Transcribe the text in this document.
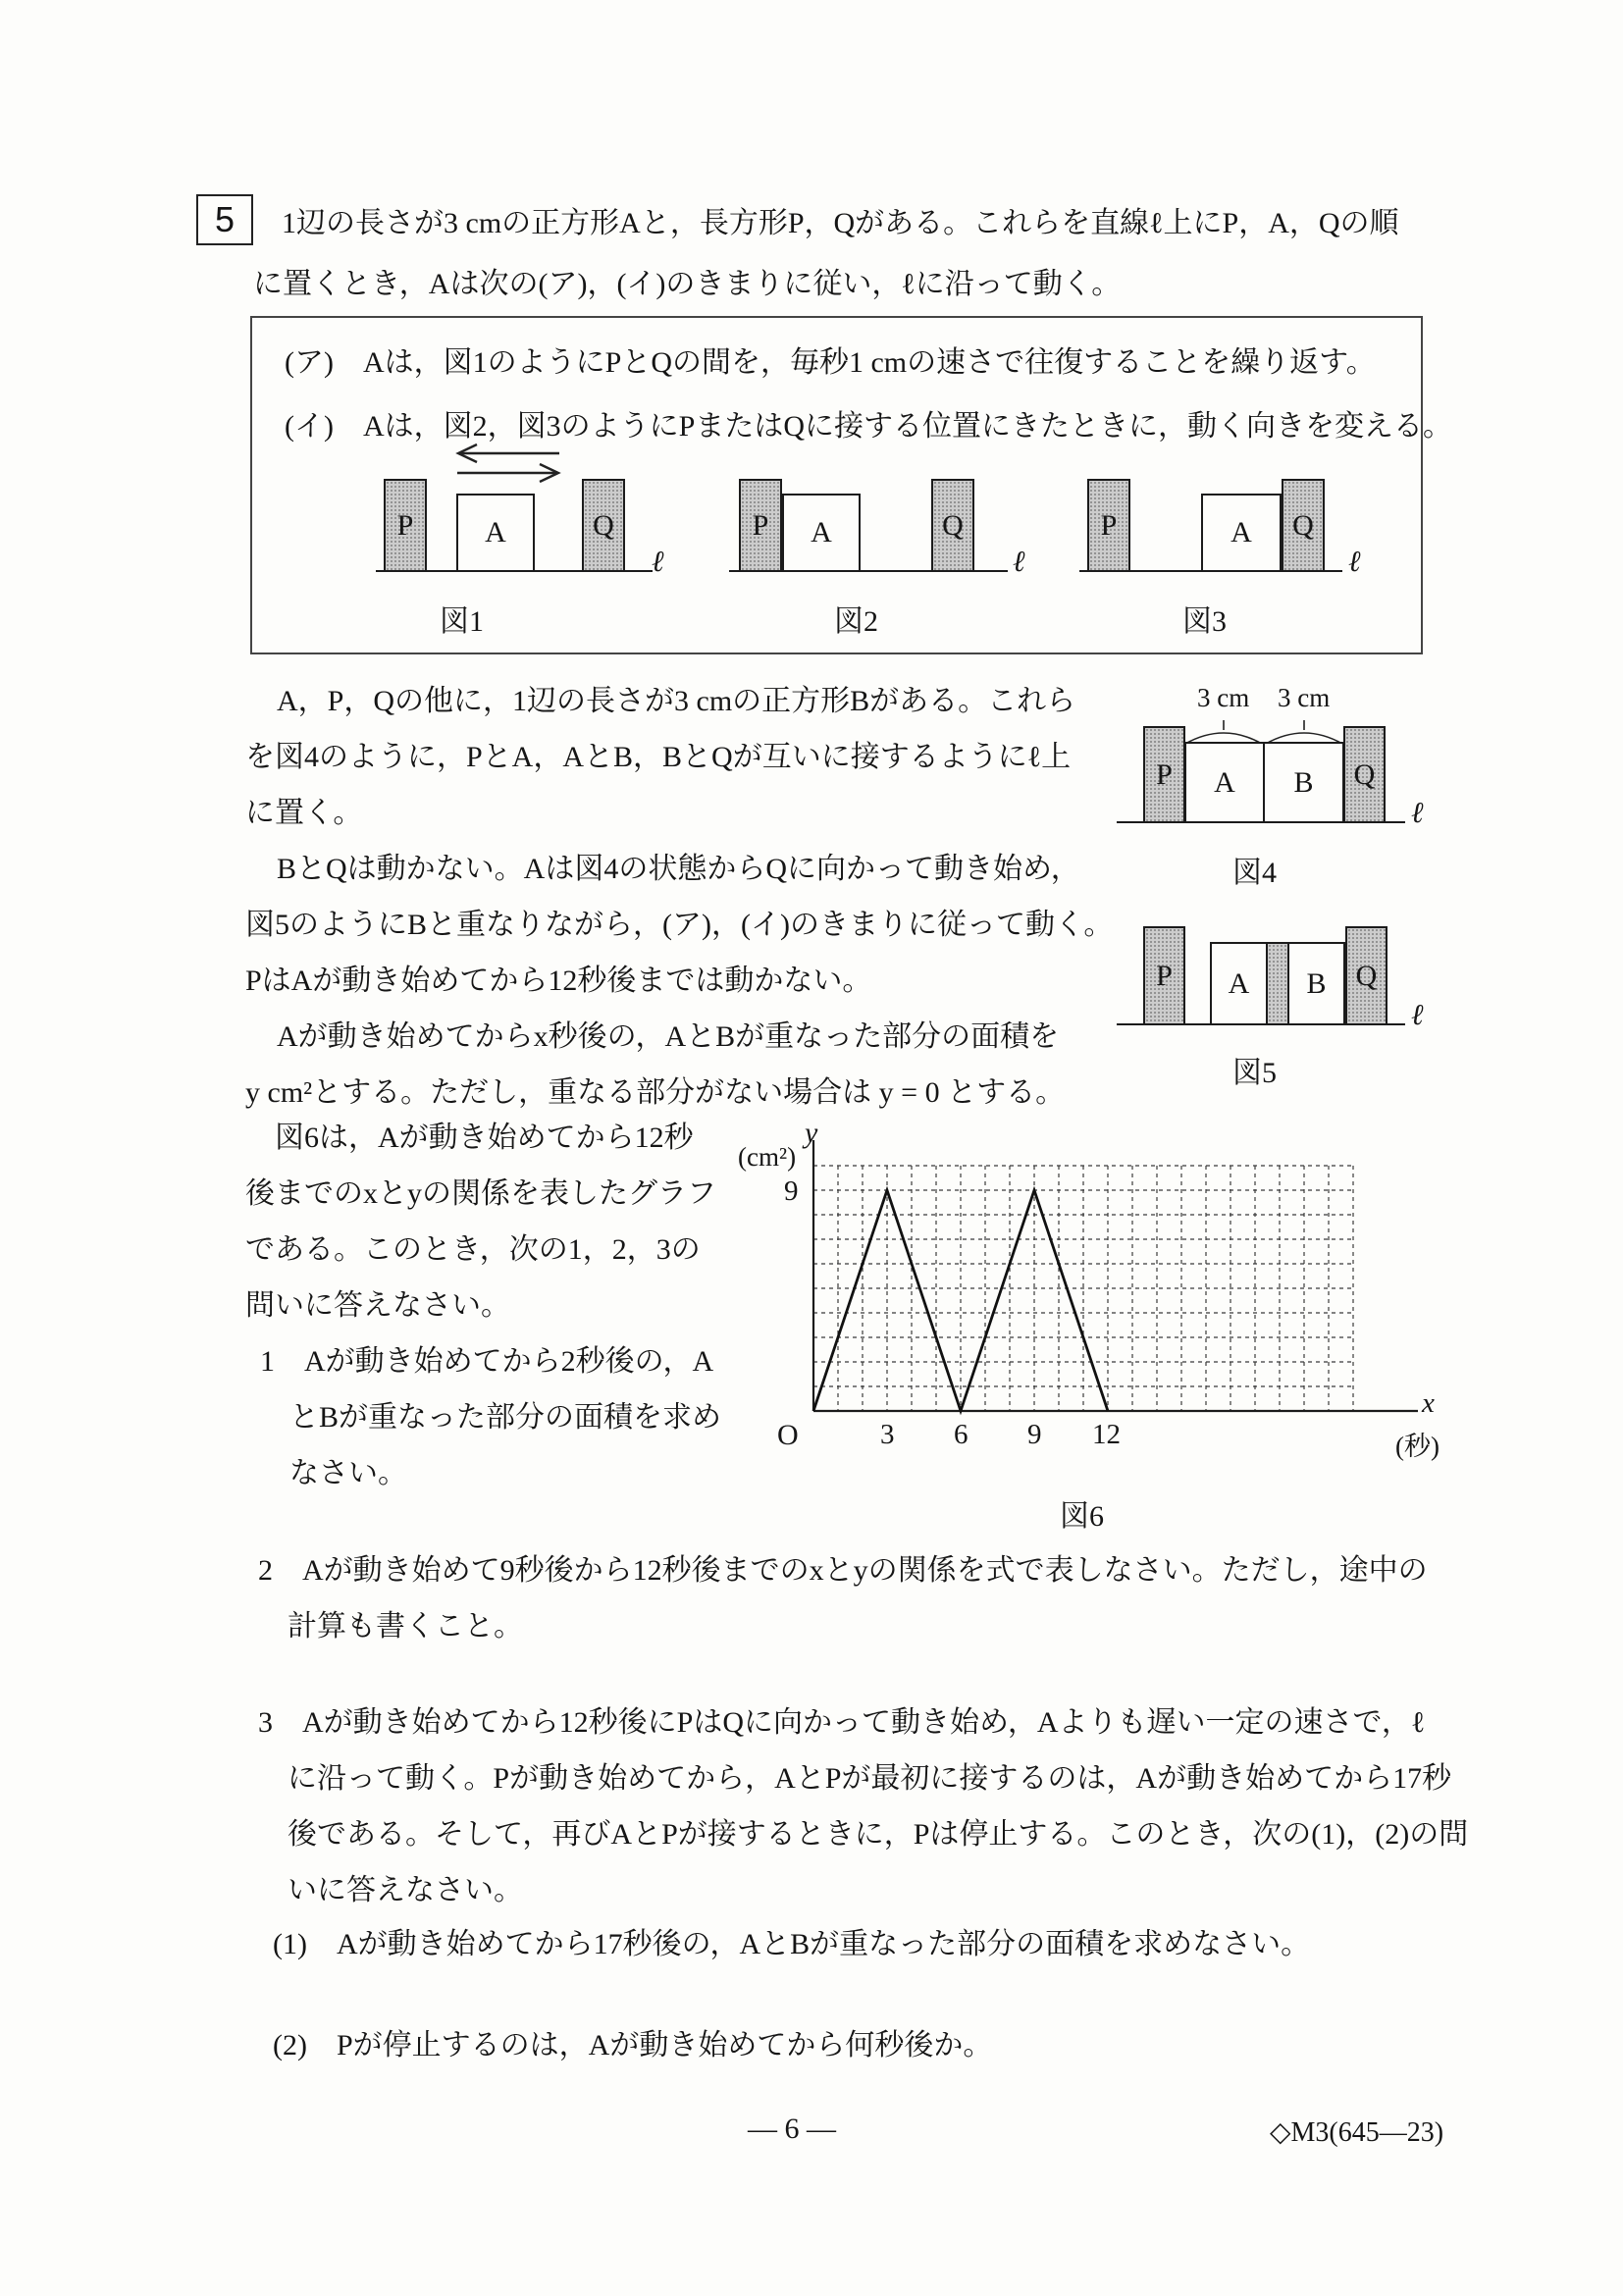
5 1辺の長さが3 cmの正方形Aと，長方形P，Qがある。これらを直線ℓ上にP，A，Qの順
に置くとき，Aは次の(ア)，(イ)のきまりに従い，ℓに沿って動く。
(ア)　Aは，図1のようにPとQの間を，毎秒1 cmの速さで往復することを繰り返す。
(イ)　Aは，図2，図3のようにPまたはQに接する位置にきたときに，動く向きを変える。
ℓ
P A	Q
図1
ℓ
P A	Q
図2
ℓ
P	A Q
図3
A，P，Qの他に，1辺の長さが3 cmの正方形Bがある。これら
を図4のように，PとA，AとB，BとQが互いに接するようにℓ上
に置く。
BとQは動かない。Aは図4の状態からQに向かって動き始め，
図5のようにBと重なりながら，(ア)，(イ)のきまりに従って動く。
PはAが動き始めてから12秒後までは動かない。
Aが動き始めてからx秒後の，AとBが重なった部分の面積を
y cm²とする。ただし，重なる部分がない場合は y = 0 とする。
3 cm 3 cm
P A B Q
ℓ
図4
P A B Q
ℓ
図5
図6は，Aが動き始めてから12秒
後までのxとyの関係を表したグラフ
である。このとき，次の1，2，3の
問いに答えなさい。
1　Aが動き始めてから2秒後の，A
とBが重なった部分の面積を求め
なさい。
y
(cm²)
9
O	3 6 9 12
x
(秒)
図6
2　Aが動き始めて9秒後から12秒後までのxとyの関係を式で表しなさい。ただし，途中の
計算も書くこと。
3　Aが動き始めてから12秒後にPはQに向かって動き始め，Aよりも遅い一定の速さで，ℓ
に沿って動く。Pが動き始めてから，AとPが最初に接するのは，Aが動き始めてから17秒
後である。そして，再びAとPが接するときに，Pは停止する。このとき，次の(1)，(2)の問
いに答えなさい。
(1)　Aが動き始めてから17秒後の，AとBが重なった部分の面積を求めなさい。
(2)　Pが停止するのは，Aが動き始めてから何秒後か。
— 6 —	◇M3(645—23)
